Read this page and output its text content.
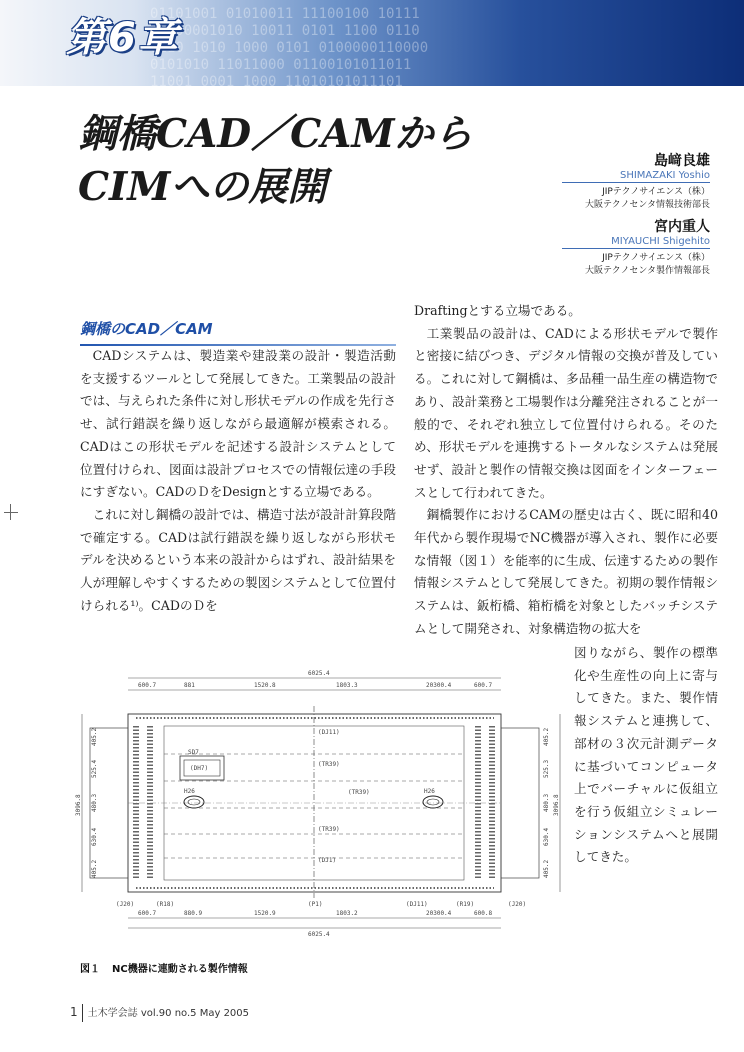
01101001 01010011 11100100 10111
10100001010 10011 0101 1100 0110
0110 1010 1000 0101 0100000110000
0101010 11011000 01100101011011
11001 0001 1000 11010101011101
第6章
鋼橋CAD／CAMから
CIMへの展開
島﨑良雄
SHIMAZAKI Yoshio
JIPテクノサイエンス（株）
大阪テクノセンタ情報技術部長
宮内重人
MIYAUCHI Shigehito
JIPテクノサイエンス（株）
大阪テクノセンタ製作情報部長
鋼橋のCAD／CAM

CADシステムは、製造業や建設業の設計・製造活動を支援するツールとして発展してきた。工業製品の設計では、与えられた条件に対し形状モデルの作成を先行させ、試行錯誤を繰り返しながら最適解が模索される。CADはこの形状モデルを記述する設計システムとして位置付けられ、図面は設計プロセスでの情報伝達の手段にすぎない。CADのＤをDesignとする立場である。

これに対し鋼橋の設計では、構造寸法が設計計算段階で確定する。CADは試行錯誤を繰り返しながら形状モデルを決めるという本来の設計からはずれ、設計結果を人が理解しやすくするための製図システムとして位置付けられる¹⁾。CADのＤを

Draftingとする立場である。

工業製品の設計は、CADによる形状モデルで製作と密接に結びつき、デジタル情報の交換が普及している。これに対して鋼橋は、多品種一品生産の構造物であり、設計業務と工場製作は分離発注されることが一般的で、それぞれ独立して位置付けられる。そのため、形状モデルを連携するトータルなシステムは発展せず、設計と製作の情報交換は図面をインターフェースとして行われてきた。

鋼橋製作におけるCAMの歴史は古く、既に昭和40年代から製作現場でNC機器が導入され、製作に必要な情報（図１）を能率的に生成、伝達するための製作情報システムとして発展してきた。初期の製作情報システムは、鈑桁橋、箱桁橋を対象としたバッチシステムとして開発され、対象構造物の拡大を

図りながら、製作の標準化や生産性の向上に寄与してきた。また、製作情報システムと連携して、部材の３次元計測データに基づいてコンピュータ上でバーチャルに仮組立を行う仮組立シミュレーションシステムへと展開してきた。

6025.4
600.7	881	1520.8	1803.3	20300.4	600.7
(DJ11)
(TR39)
SD7
(DH7)
H26	H26
(TR39)
(TR39)
(DJ1)
3096.8
405.2
525.4
480.3
630.4
405.2
3096.8
405.2
525.3
480.3
630.4
405.2
(J20)	(R18)	(P1)	(DJ11)	(R19)	(J20)
600.7	880.9	1520.9	1803.2	20300.4	600.8
6025.4
図１ NC機器に連動される製作情報
1 土木学会誌 vol.90 no.5 May 2005
